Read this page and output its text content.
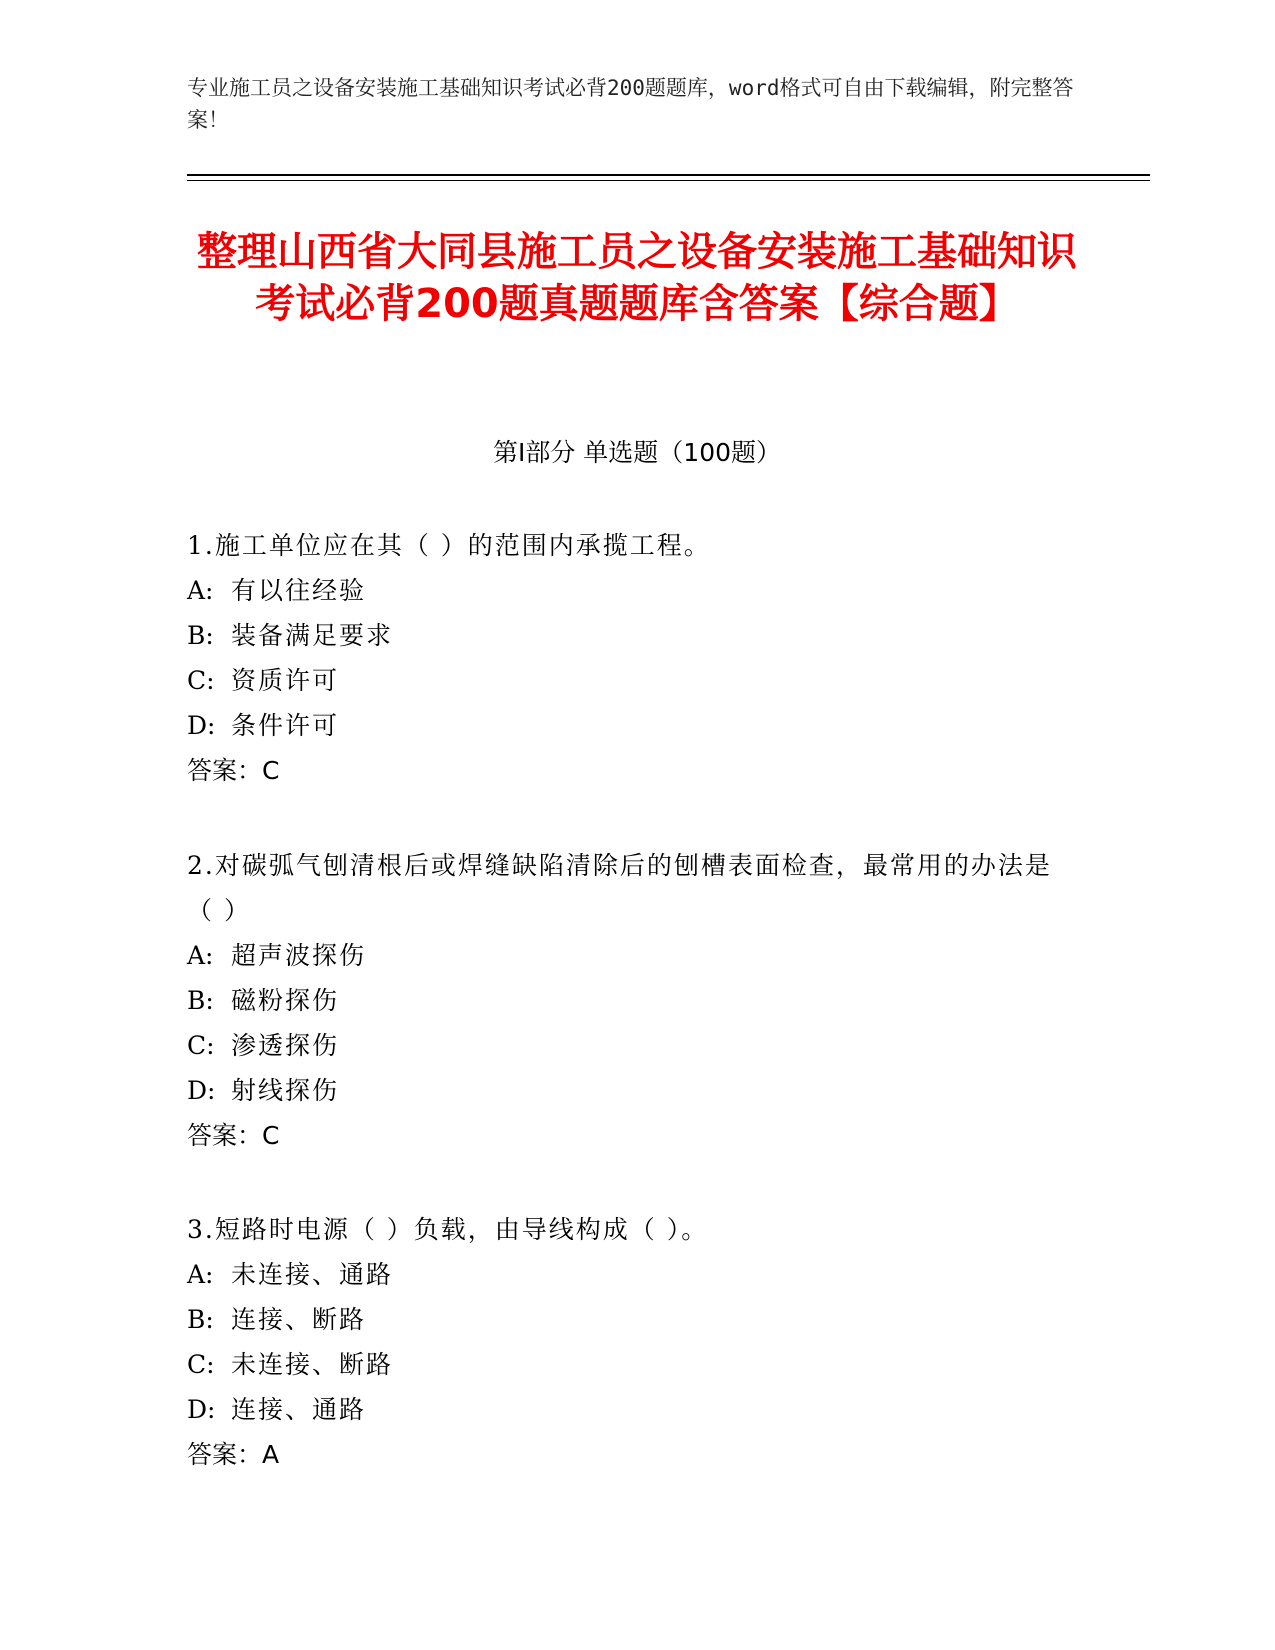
专业施工员之设备安装施工基础知识考试必背200题题库，word格式可自由下载编辑，附完整答案！
整理山西省大同县施工员之设备安装施工基础知识考试必背200题真题题库含答案【综合题】
第Ⅰ部分 单选题（100题）
1.施工单位应在其（ ）的范围内承揽工程。
A: 有以往经验
B: 装备满足要求
C: 资质许可
D: 条件许可
答案：C
2.对碳弧气刨清根后或焊缝缺陷清除后的刨槽表面检查，最常用的办法是（ ）
A: 超声波探伤
B: 磁粉探伤
C: 渗透探伤
D: 射线探伤
答案：C
3.短路时电源（ ）负载，由导线构成（ ）。
A: 未连接、通路
B: 连接、断路
C: 未连接、断路
D: 连接、通路
答案：A
